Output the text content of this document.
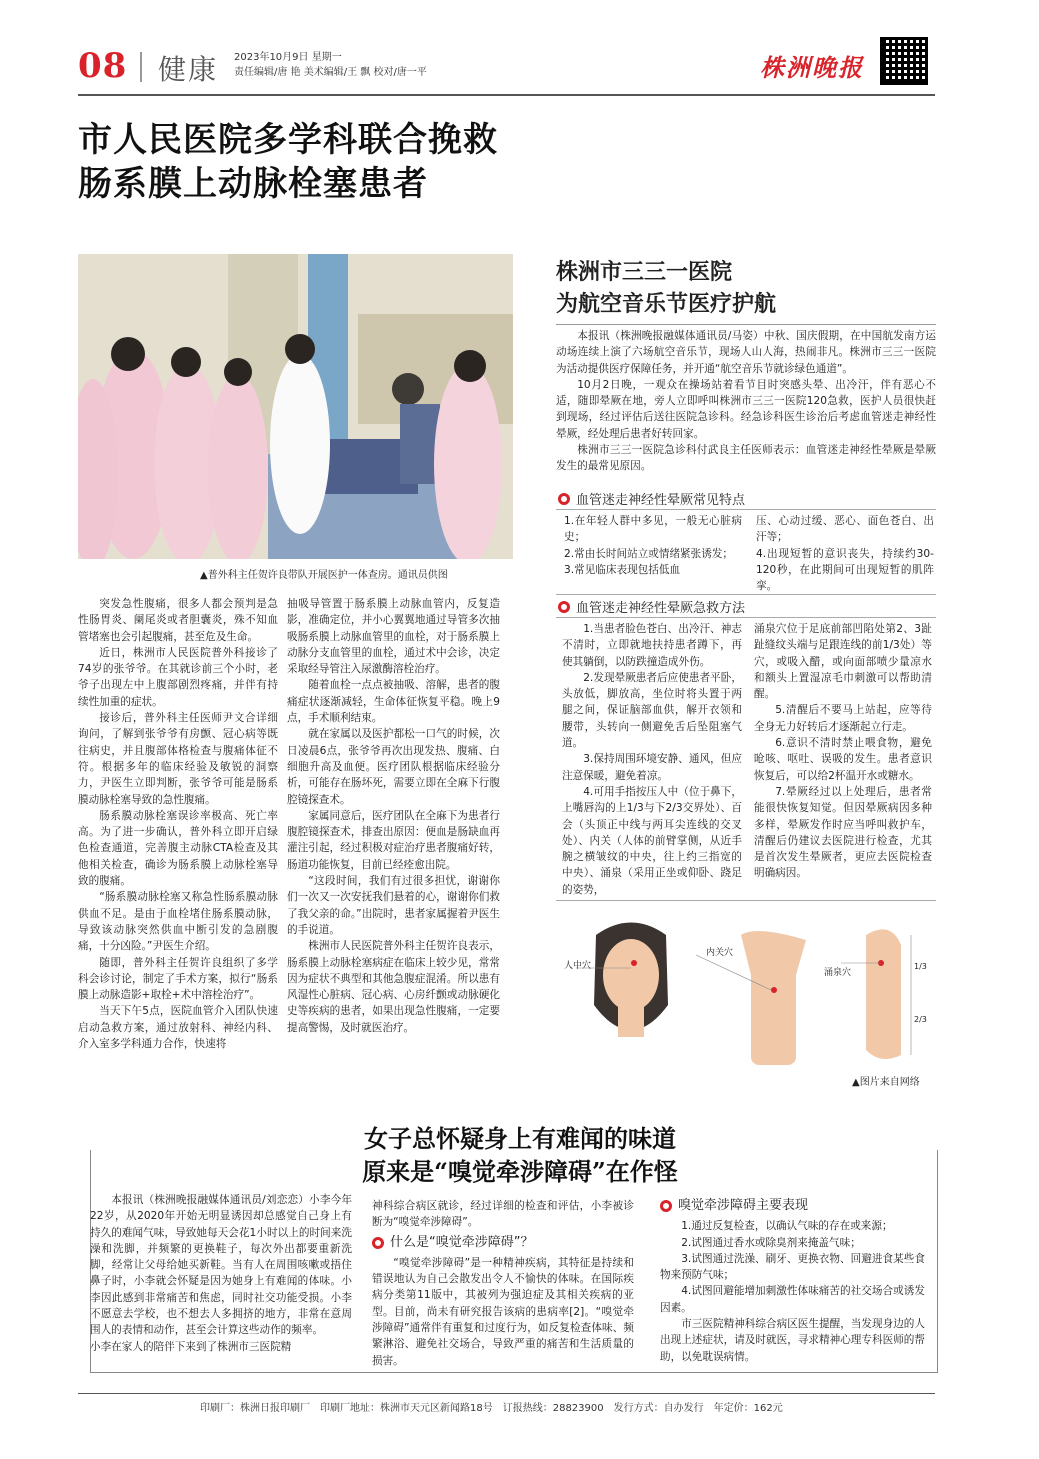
08 健康 2023年10月9日 星期一
责任编辑/唐 艳 美术编辑/王 飘 校对/唐一平	株洲晚报
市人民医院多学科联合挽救
肠系膜上动脉栓塞患者
▲普外科主任贺许良带队开展医护一体查房。通讯员供图

突发急性腹痛，很多人都会预判是急性肠胃炎、阑尾炎或者胆囊炎，殊不知血管堵塞也会引起腹痛，甚至危及生命。

近日，株洲市人民医院普外科接诊了74岁的张爷爷。在其就诊前三个小时，老爷子出现左中上腹部剧烈疼痛，并伴有持续性加重的症状。

接诊后，普外科主任医师尹文合详细询问，了解到张爷爷有房颤、冠心病等既往病史，并且腹部体格检查与腹痛体征不符。根据多年的临床经验及敏锐的洞察力，尹医生立即判断，张爷爷可能是肠系膜动脉栓塞导致的急性腹痛。

肠系膜动脉栓塞误诊率极高、死亡率高。为了进一步确认，普外科立即开启绿色检查通道，完善腹主动脉CTA检查及其他相关检查，确诊为肠系膜上动脉栓塞导致的腹痛。

“肠系膜动脉栓塞又称急性肠系膜动脉供血不足。是由于血栓堵住肠系膜动脉，导致该动脉突然供血中断引发的急剧腹痛，十分凶险。”尹医生介绍。

随即，普外科主任贺许良组织了多学科会诊讨论，制定了手术方案，拟行“肠系膜上动脉造影+取栓+术中溶栓治疗”。

当天下午5点，医院血管介入团队快速启动急救方案，通过放射科、神经内科、介入室多学科通力合作，快速将

抽吸导管置于肠系膜上动脉血管内，反复造影，准确定位，并小心翼翼地通过导管多次抽吸肠系膜上动脉血管里的血栓，对于肠系膜上动脉分支血管里的血栓，通过术中会诊，决定采取经导管注入尿激酶溶栓治疗。

随着血栓一点点被抽吸、溶解，患者的腹痛症状逐渐减轻，生命体征恢复平稳。晚上9点，手术顺利结束。

就在家属以及医护都松一口气的时候，次日凌晨6点，张爷爷再次出现发热、腹痛、白细胞升高及血便。医疗团队根据临床经验分析，可能存在肠坏死，需要立即在全麻下行腹腔镜探查术。

家属同意后，医疗团队在全麻下为患者行腹腔镜探查术，排查出原因：便血是肠缺血再灌注引起，经过积极对症治疗患者腹痛好转，肠道功能恢复，目前已经痊愈出院。

“这段时间，我们有过很多担忧，谢谢你们一次又一次安抚我们悬着的心，谢谢你们救了我父亲的命。”出院时，患者家属握着尹医生的手说道。

株洲市人民医院普外科主任贺许良表示，肠系膜上动脉栓塞病症在临床上较少见，常常因为症状不典型和其他急腹症混淆。所以患有风湿性心脏病、冠心病、心房纤颤或动脉硬化史等疾病的患者，如果出现急性腹痛，一定要提高警惕，及时就医治疗。

株洲市三三一医院
为航空音乐节医疗护航

本报讯（株洲晚报融媒体通讯员/马姿）中秋、国庆假期，在中国航发南方运动场连续上演了六场航空音乐节，现场人山人海，热闹非凡。株洲市三三一医院为活动提供医疗保障任务，并开通“航空音乐节就诊绿色通道”。

10月2日晚，一观众在操场站着看节目时突感头晕、出冷汗，伴有恶心不适，随即晕厥在地，旁人立即呼叫株洲市三三一医院120急救，医护人员很快赶到现场，经过评估后送往医院急诊科。经急诊科医生诊治后考虑血管迷走神经性晕厥，经处理后患者好转回家。

株洲市三三一医院急诊科付武良主任医师表示：血管迷走神经性晕厥是晕厥发生的最常见原因。

血管迷走神经性晕厥常见特点

1.在年轻人群中多见，一般无心脏病史；
2.常由长时间站立或情绪紧张诱发；
3.常见临床表现包括低血

压、心动过缓、恶心、面色苍白、出汗等；
4.出现短暂的意识丧失，持续约30-120秒，在此期间可出现短暂的肌阵挛。

血管迷走神经性晕厥急救方法

1.当患者脸色苍白、出冷汗、神志不清时，立即就地扶持患者蹲下，再使其躺倒，以防跌撞造成外伤。

2.发现晕厥患者后应使患者平卧，头放低，脚放高，坐位时将头置于两腿之间，保证脑部血供，解开衣领和腰带，头转向一侧避免舌后坠阻塞气道。

3.保持周围环境安静、通风，但应注意保暖，避免着凉。

4.可用手指按压人中（位于鼻下，上嘴唇沟的上1/3与下2/3交界处）、百会（头顶正中线与两耳尖连线的交叉处）、内关（人体的前臂掌侧，从近手腕之横皱纹的中央，往上约三指宽的中央）、涌泉（采用正坐或仰卧、跷足的姿势，

涌泉穴位于足底前部凹陷处第2、3趾趾缝纹头端与足跟连线的前1/3处）等穴，或吸入醋，或向面部喷少量凉水和额头上置湿凉毛巾刺激可以帮助清醒。

5.清醒后不要马上站起，应等待全身无力好转后才逐渐起立行走。

6.意识不清时禁止喂食物，避免呛咳、呕吐、误吸的发生。患者意识恢复后，可以给2杯温开水或糖水。

7.晕厥经过以上处理后，患者常能很快恢复知觉。但因晕厥病因多种多样，晕厥发作时应当呼叫救护车，清醒后仍建议去医院进行检查，尤其是首次发生晕厥者，更应去医院检查明确病因。

人中穴
内关穴
涌泉穴
1/3
2/3
▲图片来自网络
女子总怀疑身上有难闻的味道
原来是“嗅觉牵涉障碍”在作怪
本报讯（株洲晚报融媒体通讯员/刘恋恋）小李今年22岁，从2020年开始无明显诱因却总感觉自己身上有持久的难闻气味，导致她每天会花1小时以上的时间来洗澡和洗脚，并频繁的更换鞋子，每次外出都要重新洗脚，经常让父母给她买新鞋。当有人在周围咳嗽或捂住鼻子时，小李就会怀疑是因为她身上有难闻的体味。小李因此感到非常痛苦和焦虑，同时社交功能受损。小李不愿意去学校，也不想去人多拥挤的地方，非常在意周围人的表情和动作，甚至会计算这些动作的频率。
小李在家人的陪伴下来到了株洲市三医院精

神科综合病区就诊，经过详细的检查和评估，小李被诊断为“嗅觉牵涉障碍”。

什么是“嗅觉牵涉障碍”？

“嗅觉牵涉障碍”是一种精神疾病，其特征是持续和错误地认为自己会散发出令人不愉快的体味。在国际疾病分类第11版中，其被列为强迫症及其相关疾病的亚型。目前，尚未有研究报告该病的患病率[2]。“嗅觉牵涉障碍”通常伴有重复和过度行为，如反复检查体味、频繁淋浴、避免社交场合，导致严重的痛苦和生活质量的损害。

嗅觉牵涉障碍主要表现

1.通过反复检查，以确认气味的存在或来源；

2.试图通过香水或除臭剂来掩盖气味；

3.试图通过洗澡、刷牙、更换衣物、回避进食某些食物来预防气味；

4.试图回避能增加刺激性体味痛苦的社交场合或诱发因素。

市三医院精神科综合病区医生提醒，当发现身边的人出现上述症状，请及时就医，寻求精神心理专科医师的帮助，以免耽误病情。

印刷厂：株洲日报印刷厂　印刷厂地址：株洲市天元区新闻路18号　订报热线：28823900　发行方式：自办发行　年定价：162元
